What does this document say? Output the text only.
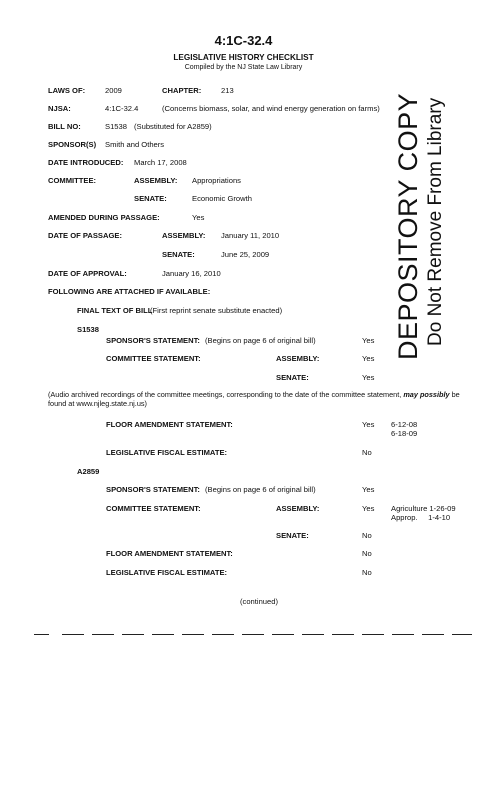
4:1C-32.4
LEGISLATIVE HISTORY CHECKLIST
Compiled by the NJ State Law Library
LAWS OF:	2009	CHAPTER:	213
NJSA:	4:1C-32.4	(Concerns biomass, solar, and wind energy generation on farms)
BILL NO:	S1538 (Substituted for A2859)
SPONSOR(S) Smith and Others
DATE INTRODUCED: March 17, 2008
COMMITTEE:	ASSEMBLY: Appropriations
SENATE:	Economic Growth
AMENDED DURING PASSAGE:	Yes
DATE OF PASSAGE:	ASSEMBLY: January 11, 2010
SENATE:	June 25, 2009
DATE OF APPROVAL:	January 16, 2010
FOLLOWING ARE ATTACHED IF AVAILABLE:
FINAL TEXT OF BILL
(First reprint senate substitute enacted)
S1538
SPONSOR'S STATEMENT: (Begins on page 6 of original bill)	Yes
COMMITTEE STATEMENT:	ASSEMBLY:	Yes
SENATE:	Yes
(Audio archived recordings of the committee meetings, corresponding to the date of the committee statement, may possibly be found at www.njleg.state.nj.us)
FLOOR AMENDMENT STATEMENT:	Yes 6-12-08
6-18-09
LEGISLATIVE FISCAL ESTIMATE:	No
A2859
SPONSOR'S STATEMENT: (Begins on page 6 of original bill)	Yes
COMMITTEE STATEMENT:	ASSEMBLY:	Yes Agriculture 1-26-09
Approp.     1-4-10
SENATE:	No
FLOOR AMENDMENT STATEMENT:	No
LEGISLATIVE FISCAL ESTIMATE:	No
(continued)
DEPOSITORY COPY Do Not Remove From Library
